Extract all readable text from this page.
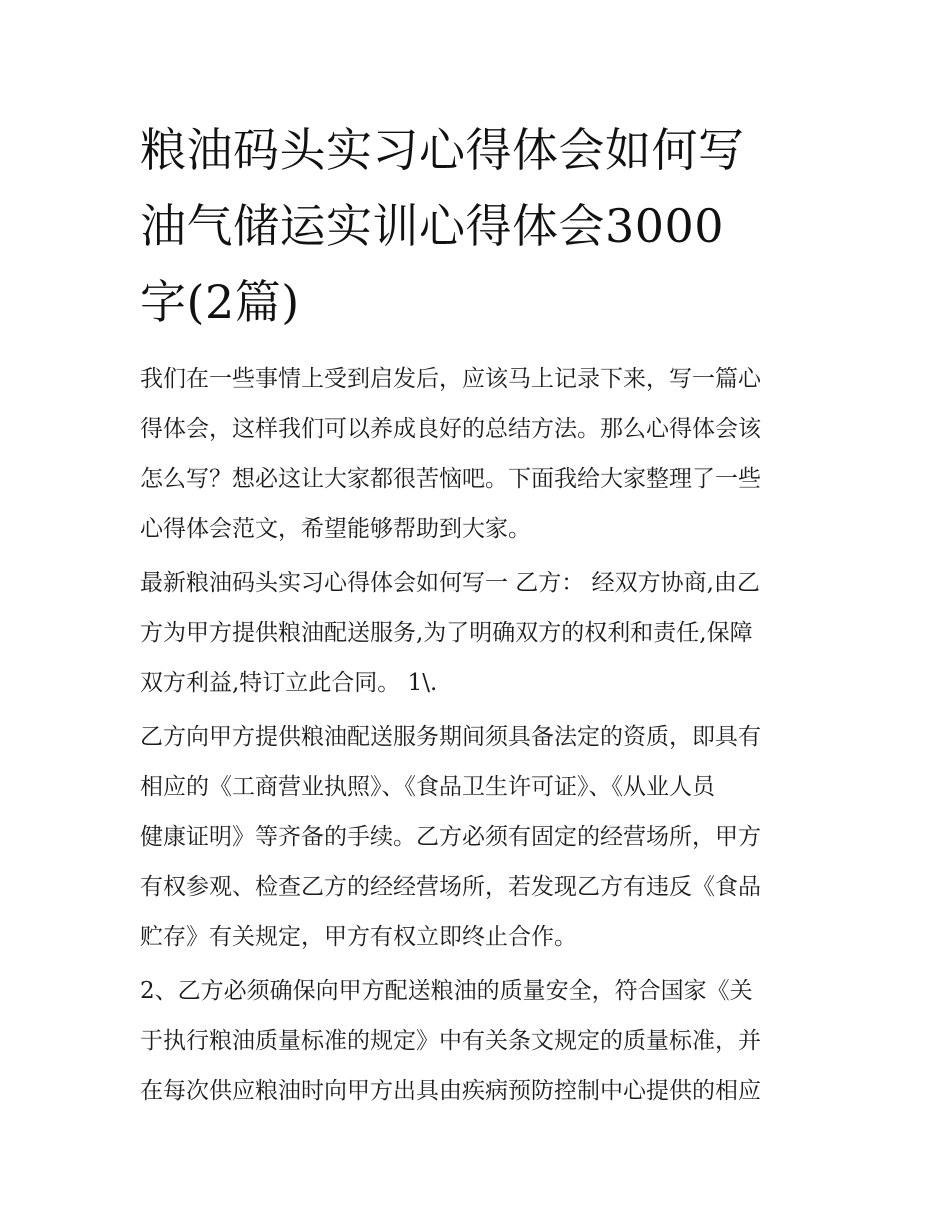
粮油码头实习心得体会如何写
油气储运实训心得体会3000
字(2篇)

我们在一些事情上受到启发后，应该马上记录下来，写一篇心
得体会，这样我们可以养成良好的总结方法。那么心得体会该
怎么写？想必这让大家都很苦恼吧。下面我给大家整理了一些
心得体会范文，希望能够帮助到大家。

最新粮油码头实习心得体会如何写一 乙方： 经双方协商,由乙
方为甲方提供粮油配送服务,为了明确双方的权利和责任,保障
双方利益,特订立此合同。 1\.

乙方向甲方提供粮油配送服务期间须具备法定的资质，即具有
相应的《工商营业执照》、《食品卫生许可证》、《从业人员
健康证明》等齐备的手续。乙方必须有固定的经营场所，甲方
有权参观、检查乙方的经经营场所，若发现乙方有违反《食品
贮存》有关规定，甲方有权立即终止合作。

2、乙方必须确保向甲方配送粮油的质量安全，符合国家《关
于执行粮油质量标准的规定》中有关条文规定的质量标准，并
在每次供应粮油时向甲方出具由疾病预防控制中心提供的相应
